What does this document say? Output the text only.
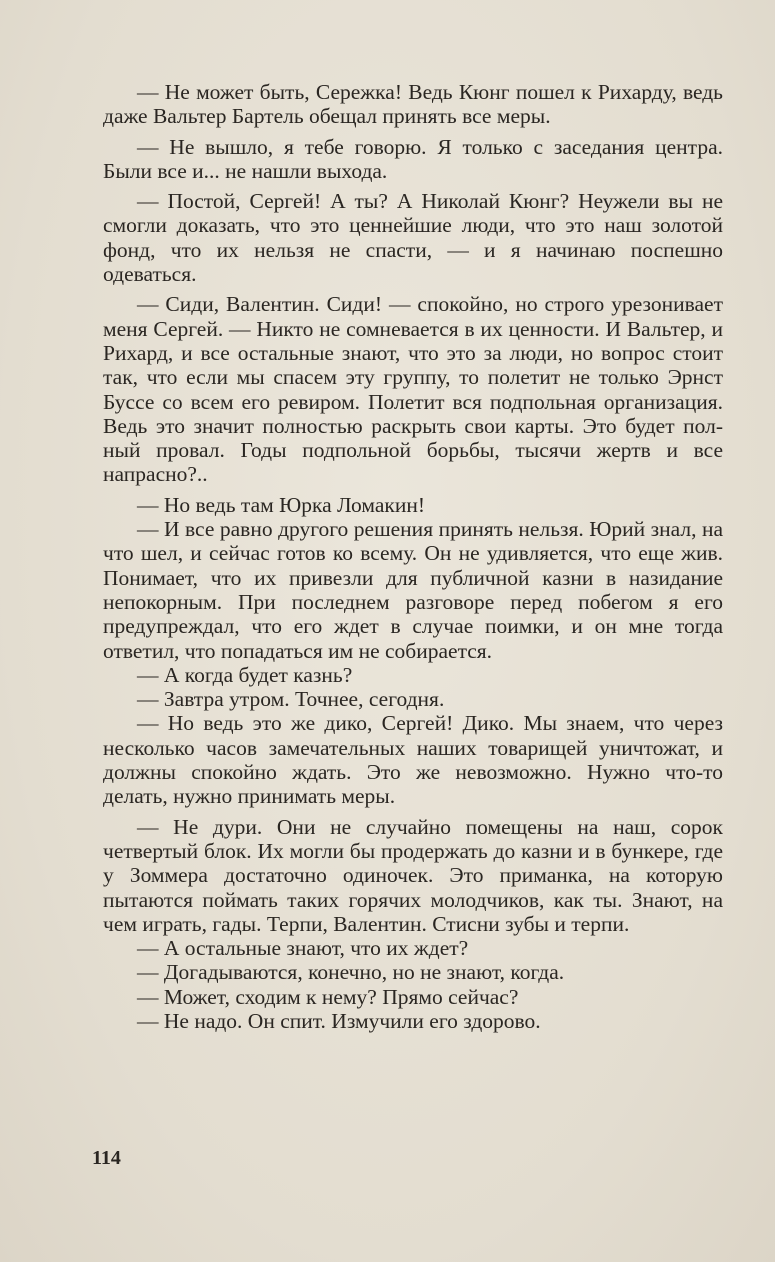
— Не может быть, Сережка! Ведь Кюнг пошел к Рихарду, ведь даже Вальтер Бартель обещал принять все меры.

— Не вышло, я тебе говорю. Я только с заседания центра. Были все и... не нашли выхода.

— Постой, Сергей! А ты? А Николай Кюнг? Неужели вы не смогли доказать, что это ценнейшие люди, что это наш золотой фонд, что их нельзя не спасти, — и я начинаю поспешно одеваться.

— Сиди, Валентин. Сиди! — спокойно, но строго урезонивает меня Сергей. — Никто не сомневается в их ценности. И Вальтер, и Рихард, и все остальные знают, что это за люди, но вопрос стоит так, что если мы спасем эту группу, то полетит не только Эрнст Буссе со всем его ревиром. Полетит вся подпольная организация. Ведь это значит полностью раскрыть свои карты. Это будет полный провал. Годы подпольной борьбы, тысячи жертв и все напрасно?..

— Но ведь там Юрка Ломакин!

— И все равно другого решения принять нельзя. Юрий знал, на что шел, и сейчас готов ко всему. Он не удивляется, что еще жив. Понимает, что их привезли для публичной казни в назидание непокорным. При последнем разговоре перед побегом я его предупреждал, что его ждет в случае поимки, и он мне тогда ответил, что попадаться им не собирается.

— А когда будет казнь?

— Завтра утром. Точнее, сегодня.

— Но ведь это же дико, Сергей! Дико. Мы знаем, что через несколько часов замечательных наших товарищей уничтожат, и должны спокойно ждать. Это же невозможно. Нужно что-то делать, нужно принимать меры.

— Не дури. Они не случайно помещены на наш, сорок четвертый блок. Их могли бы продержать до казни и в бункере, где у Зоммера достаточно одиночек. Это приманка, на которую пытаются поймать таких горячих молодчиков, как ты. Знают, на чем играть, гады. Терпи, Валентин. Стисни зубы и терпи.

— А остальные знают, что их ждет?

— Догадываются, конечно, но не знают, когда.

— Может, сходим к нему? Прямо сейчас?

— Не надо. Он спит. Измучили его здорово.

114
